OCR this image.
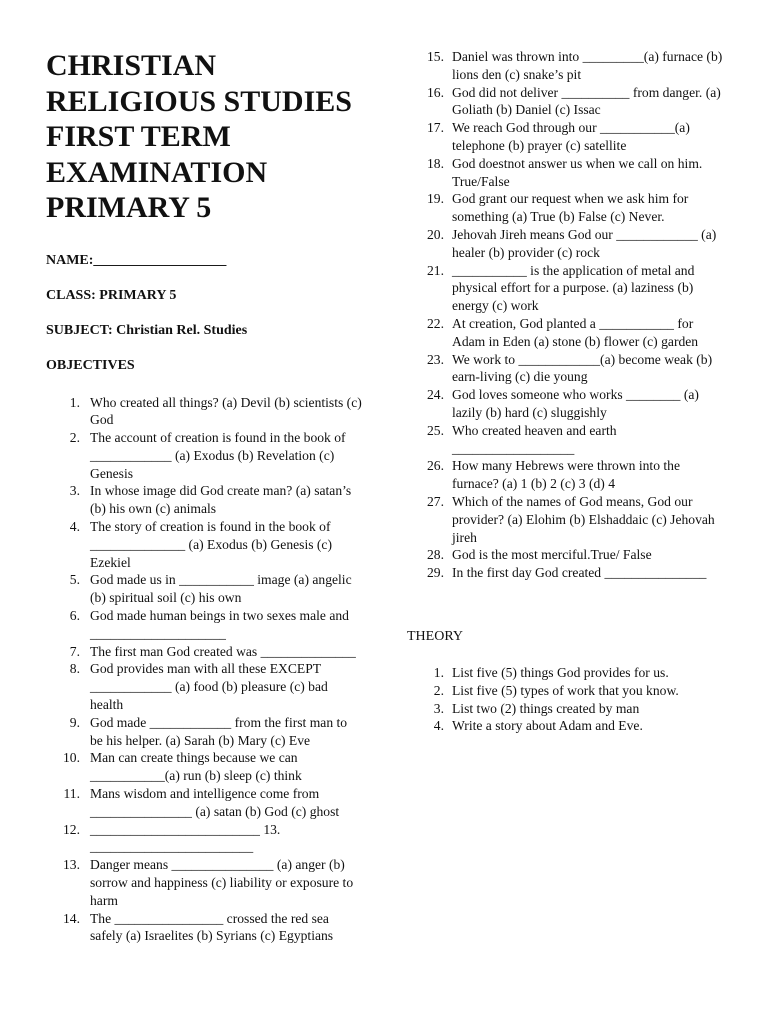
CHRISTIAN
RELIGIOUS STUDIES
FIRST TERM
EXAMINATION
PRIMARY 5
NAME:___________________
CLASS: PRIMARY 5
SUBJECT: Christian Rel. Studies
OBJECTIVES
1. Who created all things? (a) Devil (b) scientists (c) God
2. The account of creation is found in the book of ____________ (a) Exodus (b) Revelation (c) Genesis
3. In whose image did God create man? (a) satan’s (b) his own (c) animals
4. The story of creation is found in the book of ______________ (a) Exodus (b) Genesis (c) Ezekiel
5. God made us in ___________ image (a) angelic (b) spiritual soil (c) his own
6. God made human beings in two sexes male and ____________________
7. The first man God created was ______________
8. God provides man with all these EXCEPT ____________ (a) food (b) pleasure (c) bad health
9. God made ____________ from the first man to be his helper. (a) Sarah (b) Mary (c) Eve
10. Man can create things because we can ___________(a) run (b) sleep (c) think
11. Mans wisdom and intelligence come from _______________ (a) satan (b) God (c) ghost
12. _________________________ 13. ________________________
13. Danger means _______________ (a) anger (b) sorrow and happiness (c) liability or exposure to harm
14. The ________________ crossed the red sea safely (a) Israelites (b) Syrians (c) Egyptians
15. Daniel was thrown into _________(a) furnace (b) lions den (c) snake’s pit
16. God did not deliver __________ from danger. (a) Goliath (b) Daniel (c) Issac
17. We reach God through our ___________(a) telephone (b) prayer (c) satellite
18. God doestnot answer us when we call on him. True/False
19. God grant our request when we ask him for something (a) True (b) False (c) Never.
20. Jehovah Jireh means God our ____________ (a) healer (b) provider (c) rock
21. ___________ is the application of metal and physical effort for a purpose. (a) laziness (b) energy (c) work
22. At creation, God planted a ___________ for Adam in Eden (a) stone (b) flower (c) garden
23. We work to ____________(a) become weak (b) earn-living (c) die young
24. God loves someone who works ________ (a) lazily (b) hard (c) sluggishly
25. Who created heaven and earth __________________
26. How many Hebrews were thrown into the furnace? (a) 1 (b) 2 (c) 3 (d) 4
27. Which of the names of God means, God our provider? (a) Elohim (b) Elshaddaic (c) Jehovah jireh
28. God is the most merciful.True/ False
29. In the first day God created _______________
THEORY
1. List five (5) things God provides for us.
2. List five (5) types of work that you know.
3. List two (2) things created by man
4. Write a story about Adam and Eve.
